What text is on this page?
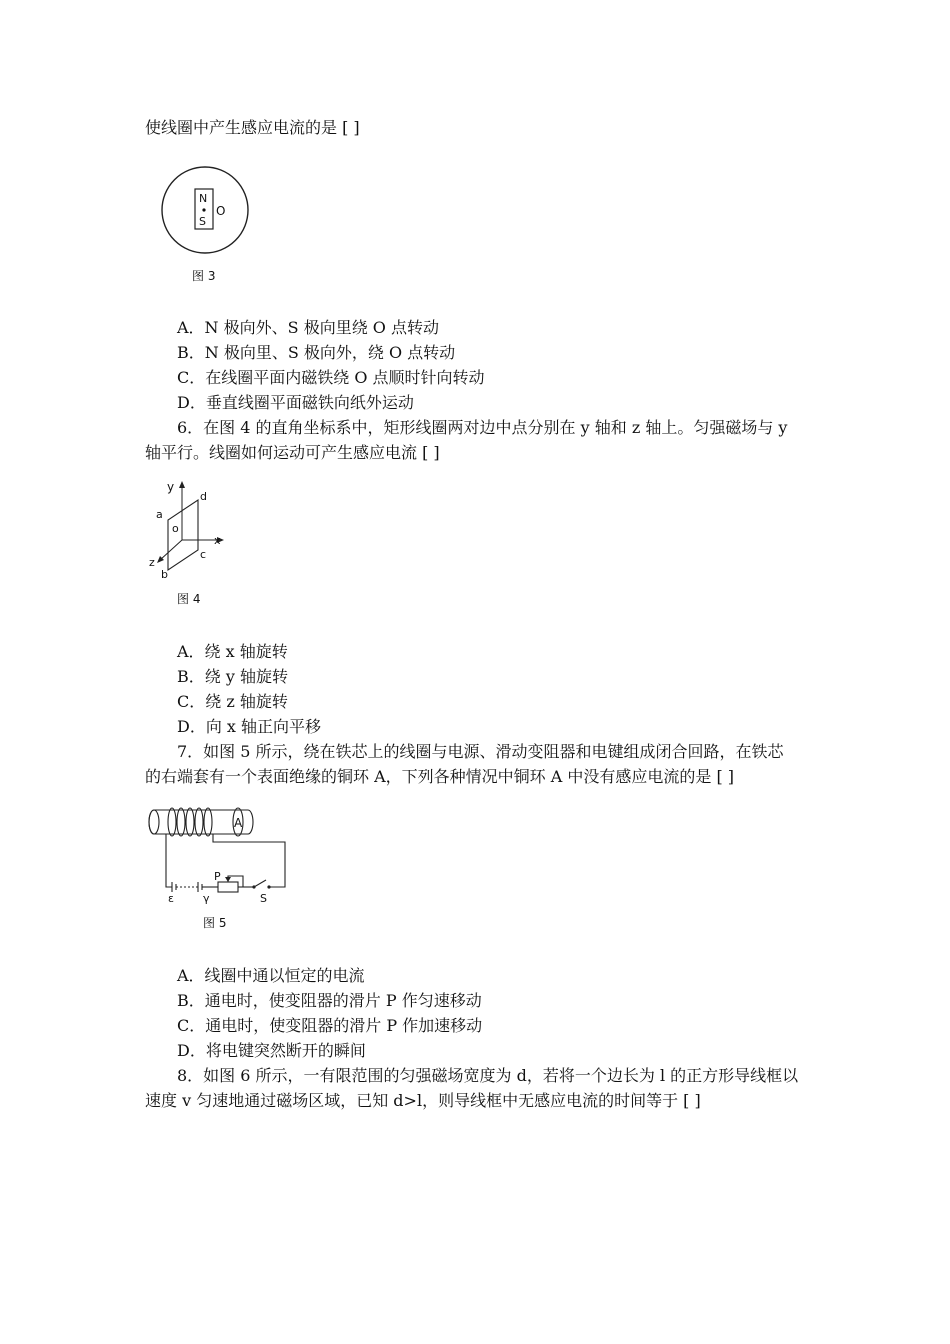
使线圈中产生感应电流的是 [ ]
N
S
O
图 3
A．N 极向外、S 极向里绕 O 点转动
B．N 极向里、S 极向外，绕 O 点转动
C．在线圈平面内磁铁绕 O 点顺时针向转动
D．垂直线圈平面磁铁向纸外运动
6．在图 4 的直角坐标系中，矩形线圈两对边中点分别在 y 轴和 z 轴上。匀强磁场与 y
轴平行。线圈如何运动可产生感应电流 [ ]
y
x
z
o
a
b
c
d
图 4
A．绕 x 轴旋转
B．绕 y 轴旋转
C．绕 z 轴旋转
D．向 x 轴正向平移
7．如图 5 所示，绕在铁芯上的线圈与电源、滑动变阻器和电键组成闭合回路，在铁芯
的右端套有一个表面绝缘的铜环 A，下列各种情况中铜环 A 中没有感应电流的是 [ ]
A
ε	γ
P
S
图 5
A．线圈中通以恒定的电流
B．通电时，使变阻器的滑片 P 作匀速移动
C．通电时，使变阻器的滑片 P 作加速移动
D．将电键突然断开的瞬间
8．如图 6 所示，一有限范围的匀强磁场宽度为 d，若将一个边长为 l 的正方形导线框以
速度 v 匀速地通过磁场区域，已知 d>l，则导线框中无感应电流的时间等于 [ ]
